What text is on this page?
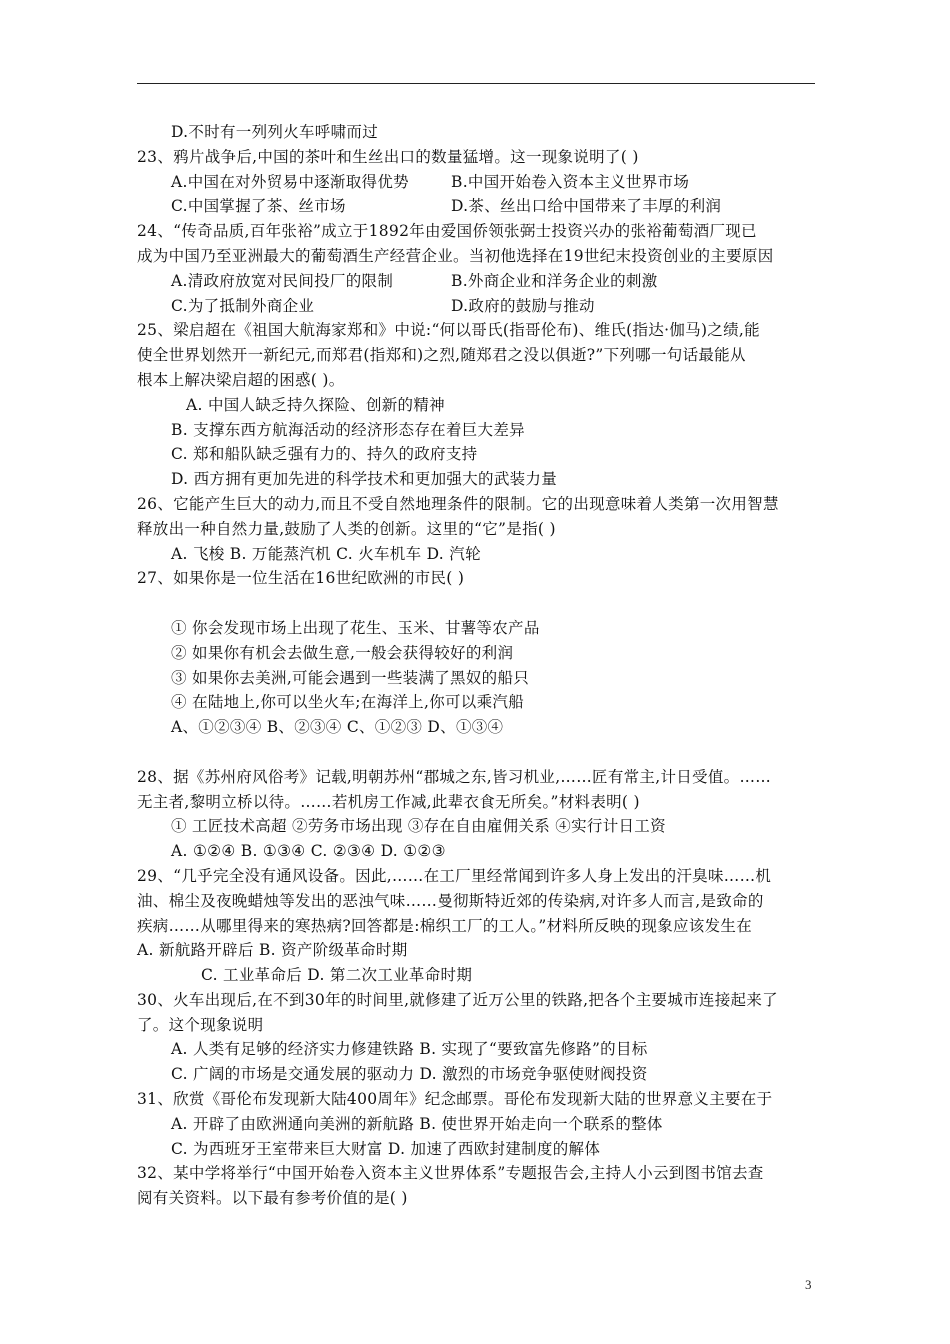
D.不时有一列列火车呼啸而过
23、鸦片战争后,中国的茶叶和生丝出口的数量猛增。这一现象说明了( )
A.中国在对外贸易中逐渐取得优势	B.中国开始卷入资本主义世界市场
C.中国掌握了茶、丝市场	D.茶、丝出口给中国带来了丰厚的利润
24、“传奇品质,百年张裕”成立于1892年由爱国侨领张弼士投资兴办的张裕葡萄酒厂现已
成为中国乃至亚洲最大的葡萄酒生产经营企业。当初他选择在19世纪末投资创业的主要原因
A.清政府放宽对民间投厂的限制	B.外商企业和洋务企业的刺激
C.为了抵制外商企业	D.政府的鼓励与推动
25、梁启超在《祖国大航海家郑和》中说:“何以哥氏(指哥伦布)、维氏(指达·伽马)之绩,能
使全世界划然开一新纪元,而郑君(指郑和)之烈,随郑君之没以俱逝?”下列哪一句话最能从
根本上解决梁启超的困惑( )。
A. 中国人缺乏持久探险、创新的精神
B. 支撑东西方航海活动的经济形态存在着巨大差异
C. 郑和船队缺乏强有力的、持久的政府支持
D. 西方拥有更加先进的科学技术和更加强大的武装力量
26、它能产生巨大的动力,而且不受自然地理条件的限制。它的出现意味着人类第一次用智慧
释放出一种自然力量,鼓励了人类的创新。这里的“它”是指( )
A. 飞梭 B. 万能蒸汽机 C. 火车机车 D. 汽轮
27、如果你是一位生活在16世纪欧洲的市民( )
① 你会发现市场上出现了花生、玉米、甘薯等农产品
② 如果你有机会去做生意,一般会获得较好的利润
③ 如果你去美洲,可能会遇到一些装满了黑奴的船只
④ 在陆地上,你可以坐火车;在海洋上,你可以乘汽船
A、①②③④ B、②③④ C、①②③ D、①③④
28、据《苏州府风俗考》记载,明朝苏州“郡城之东,皆习机业,……匠有常主,计日受值。……
无主者,黎明立桥以待。……若机房工作减,此辈衣食无所矣。”材料表明( )
① 工匠技术高超 ②劳务市场出现 ③存在自由雇佣关系 ④实行计日工资
A. ①②④ B. ①③④ C. ②③④ D. ①②③
29、“几乎完全没有通风设备。因此,……在工厂里经常闻到许多人身上发出的汗臭味……机
油、棉尘及夜晚蜡烛等发出的恶浊气味……曼彻斯特近郊的传染病,对许多人而言,是致命的
疾病……从哪里得来的寒热病?回答都是:棉织工厂的工人。”材料所反映的现象应该发生在
A. 新航路开辟后 B. 资产阶级革命时期
C. 工业革命后 D. 第二次工业革命时期
30、火车出现后,在不到30年的时间里,就修建了近万公里的铁路,把各个主要城市连接起来了
了。这个现象说明
A. 人类有足够的经济实力修建铁路 B. 实现了“要致富先修路”的目标
C. 广阔的市场是交通发展的驱动力 D. 激烈的市场竞争驱使财阀投资
31、欣赏《哥伦布发现新大陆400周年》纪念邮票。哥伦布发现新大陆的世界意义主要在于
A. 开辟了由欧洲通向美洲的新航路 B. 使世界开始走向一个联系的整体
C. 为西班牙王室带来巨大财富 D. 加速了西欧封建制度的解体
32、某中学将举行“中国开始卷入资本主义世界体系”专题报告会,主持人小云到图书馆去查
阅有关资料。以下最有参考价值的是( )
3
